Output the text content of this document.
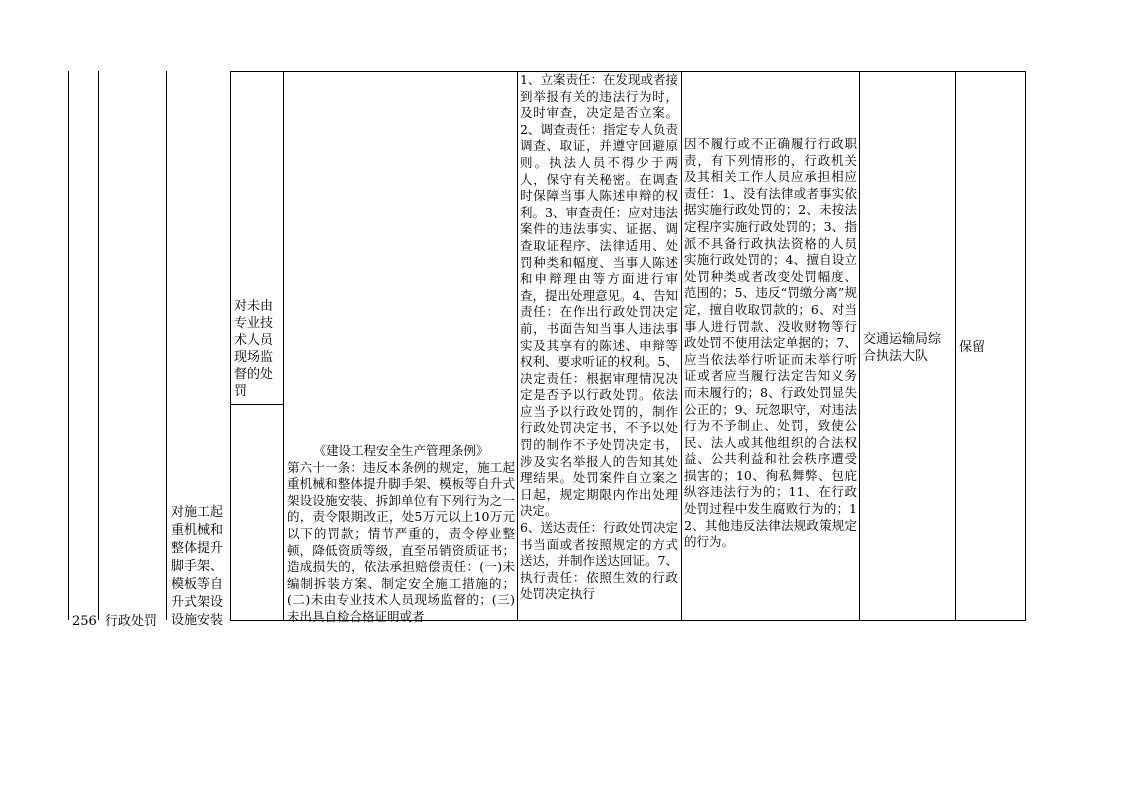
256 行政处罚

对施工起重机械和整体提升脚手架、模板等自升式架设设施安装

对未由专业技术人员现场监督的处罚

《建设工程安全生产管理条例》

第六十一条：违反本条例的规定，施工起重机械和整体提升脚手架、模板等自升式架设设施安装、拆卸单位有下列行为之一的，责令限期改正，处5万元以上10万元以下的罚款；情节严重的，责令停业整顿，降低资质等级，直至吊销资质证书；造成损失的，依法承担赔偿责任：(一)未编制拆装方案、制定安全施工措施的；(二)未由专业技术人员现场监督的；(三)未出具自检合格证明或者

1、立案责任：在发现或者接到举报有关的违法行为时，及时审查，决定是否立案。2、调查责任：指定专人负责调查、取证，并遵守回避原则。执法人员不得少于两人，保守有关秘密。在调查时保障当事人陈述申辩的权利。3、审查责任：应对违法案件的违法事实、证据、调查取证程序、法律适用、处罚种类和幅度、当事人陈述和申辩理由等方面进行审查，提出处理意见。4、告知责任：在作出行政处罚决定前，书面告知当事人违法事实及其享有的陈述、申辩等权利、要求听证的权利。5、决定责任：根据审理情况决定是否予以行政处罚。依法应当予以行政处罚的，制作行政处罚决定书，不予以处罚的制作不予处罚决定书，涉及实名举报人的告知其处理结果。处罚案件自立案之日起，规定期限内作出处理决定。

6、送达责任：行政处罚决定书当面或者按照规定的方式送达，并制作送达回证。7、执行责任：依照生效的行政处罚决定执行

因不履行或不正确履行行政职责，有下列情形的，行政机关及其相关工作人员应承担相应责任：1、没有法律或者事实依据实施行政处罚的；2、未按法定程序实施行政处罚的；3、指派不具备行政执法资格的人员实施行政处罚的；4、擅自设立处罚种类或者改变处罚幅度、范围的；5、违反“罚缴分离”规定，擅自收取罚款的；6、对当事人进行罚款、没收财物等行政处罚不使用法定单据的；7、应当依法举行听证而未举行听证或者应当履行法定告知义务而未履行的；8、行政处罚显失公正的；9、玩忽职守，对违法行为不予制止、处罚，致使公民、法人或其他组织的合法权益、公共利益和社会秩序遭受损害的；10、徇私舞弊、包庇纵容违法行为的；11、在行政处罚过程中发生腐败行为的；12、其他违反法律法规政策规定的行为。

交通运输局综合执法大队

保留
